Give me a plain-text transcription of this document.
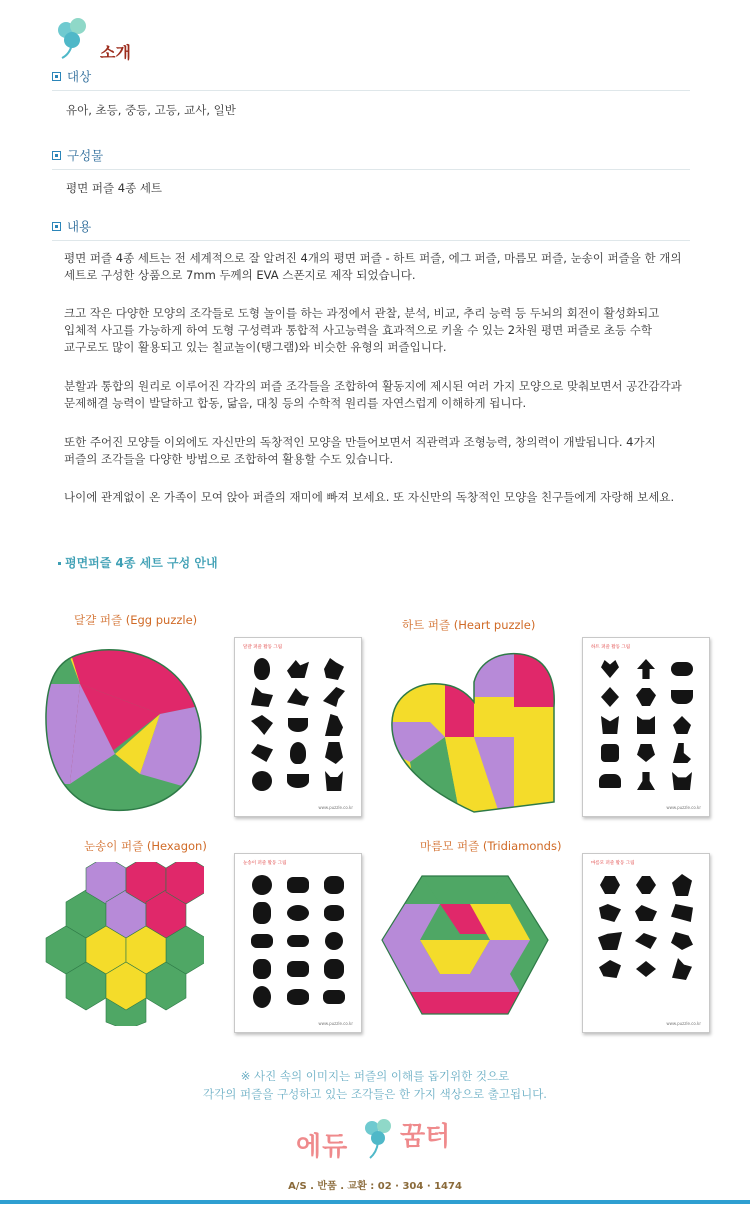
소개
대상
유아, 초등, 중등, 고등, 교사, 일반
구성물
평면 퍼즐 4종 세트
내용
평면 퍼즐 4종 세트는 전 세계적으로 잘 알려진 4개의 평면 퍼즐 - 하트 퍼즐, 에그 퍼즐, 마름모 퍼즐, 눈송이 퍼즐을 한 개의 세트로 구성한 상품으로 7mm 두께의 EVA 스폰지로 제작 되었습니다.
크고 작은 다양한 모양의 조각들로 도형 놀이를 하는 과정에서 관찰, 분석, 비교, 추리 능력 등 두뇌의 회전이 활성화되고 입체적 사고를 가능하게 하여 도형 구성력과 통합적 사고능력을 효과적으로 키울 수 있는 2차원 평면 퍼즐로 초등 수학 교구로도 많이 활용되고 있는 칠교놀이(탱그램)와 비슷한 유형의 퍼즐입니다.
분할과 통합의 원리로 이루어진 각각의 퍼즐 조각들을 조합하여 활동지에 제시된 여러 가지 모양으로 맞춰보면서 공간감각과 문제해결 능력이 발달하고 합동, 닮음, 대칭 등의 수학적 원리를 자연스럽게 이해하게 됩니다.
또한 주어진 모양들 이외에도 자신만의 독창적인 모양을 만들어보면서 직관력과 조형능력, 창의력이 개발됩니다. 4가지 퍼즐의 조각들을 다양한 방법으로 조합하여 활용할 수도 있습니다.
나이에 관계없이 온 가족이 모여 앉아 퍼즐의 재미에 빠져 보세요. 또 자신만의 독창적인 모양을 친구들에게 자랑해 보세요.
평면퍼즐 4종 세트 구성 안내
달걀 퍼즐 (Egg puzzle)
달걀 퍼즐 활동 그림
www.puzzle.co.kr
하트 퍼즐 (Heart puzzle)
하트 퍼즐 활동 그림
www.puzzle.co.kr
눈송이 퍼즐 (Hexagon)
눈송이 퍼즐 활동 그림
www.puzzle.co.kr
마름모 퍼즐 (Tridiamonds)
마름모 퍼즐 활동 그림
www.puzzle.co.kr
※ 사진 속의 이미지는 퍼즐의 이해를 돕기위한 것으로
각각의 퍼즐을 구성하고 있는 조각들은 한 가지 색상으로 출고됩니다.
에듀 꿈터
A/S . 반품 . 교환 : 02 · 304 · 1474
